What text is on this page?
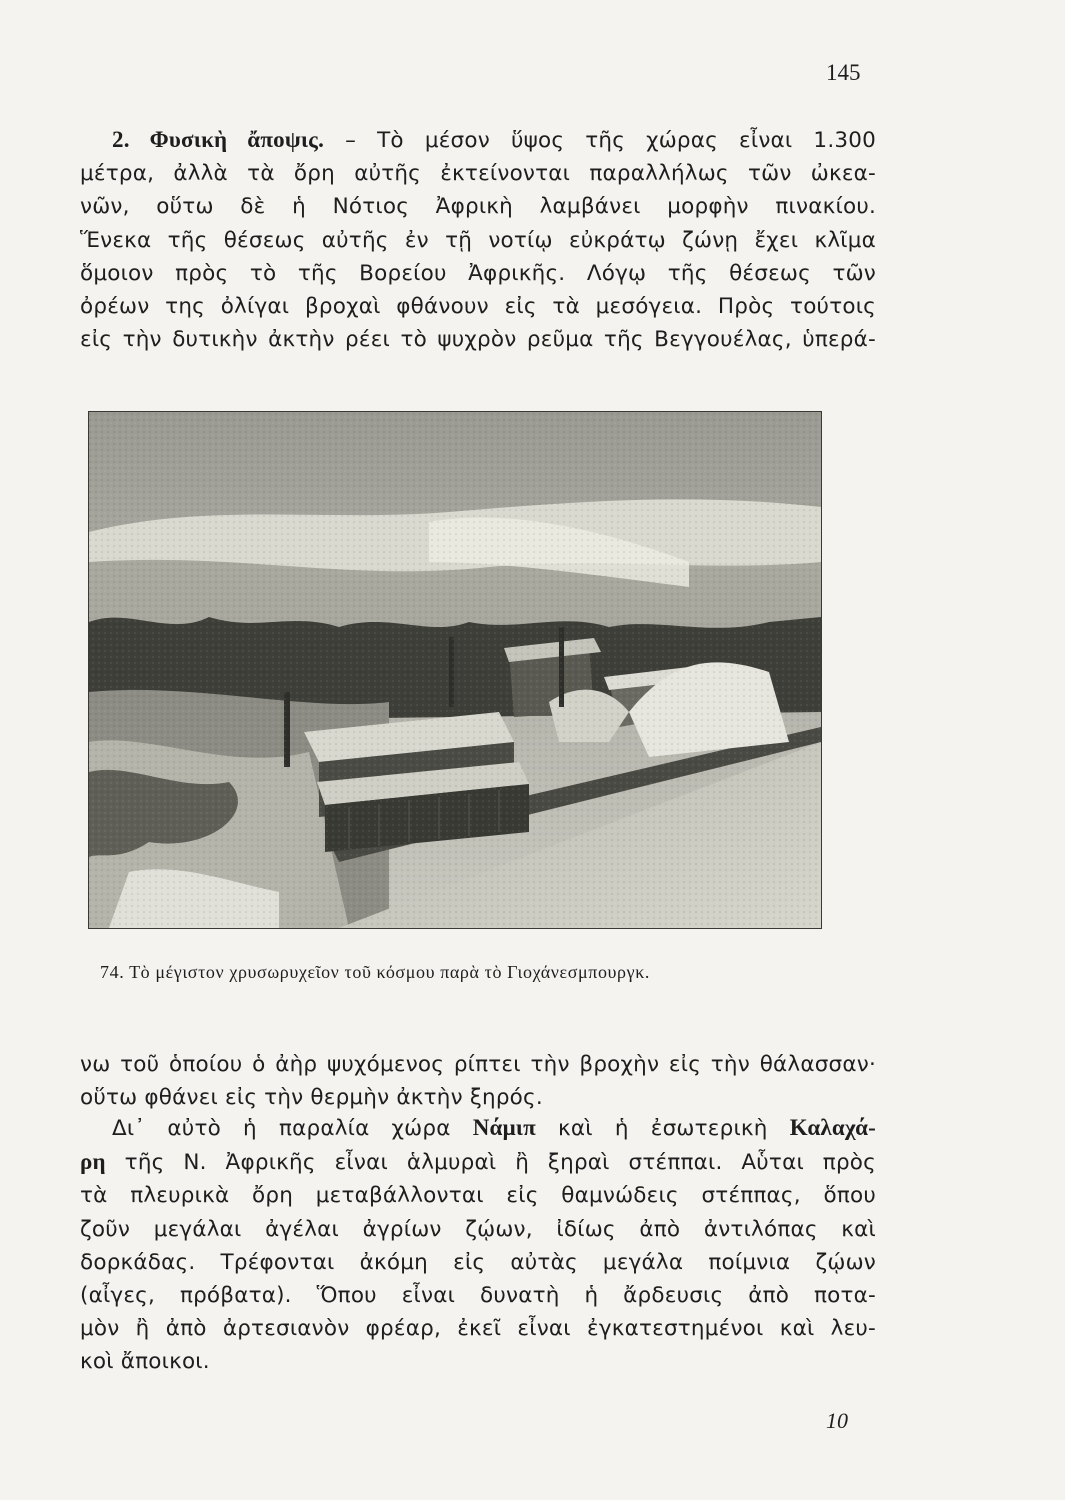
145
2. Φυσικὴ ἄποψις. – Τὸ μέσον ὕψος τῆς χώρας εἶναι 1.300
μέτρα, ἀλλὰ τὰ ὄρη αὐτῆς ἐκτείνονται παραλλήλως τῶν ὠκεα-
νῶν, οὕτω δὲ ἡ Νότιος Ἀφρικὴ λαμβάνει μορφὴν πινακίου.
Ἕνεκα τῆς θέσεως αὐτῆς ἐν τῇ νοτίῳ εὐκράτῳ ζώνῃ ἔχει κλῖμα
ὅμοιον πρὸς τὸ τῆς Βορείου Ἀφρικῆς. Λόγῳ τῆς θέσεως τῶν
ὀρέων της ὀλίγαι βροχαὶ φθάνουν εἰς τὰ μεσόγεια. Πρὸς τούτοις
εἰς τὴν δυτικὴν ἀκτὴν ρέει τὸ ψυχρὸν ρεῦμα τῆς Βεγγουέλας, ὑπερά-
74. Τὸ μέγιστον χρυσωρυχεῖον τοῦ κόσμου παρὰ τὸ Γιοχάνεσμπουργκ.
νω τοῦ ὁποίου ὁ ἀὴρ ψυχόμενος ρίπτει τὴν βροχὴν εἰς τὴν θάλασσαν·
οὕτω φθάνει εἰς τὴν θερμὴν ἀκτὴν ξηρός.
Δι᾽ αὐτὸ ἡ παραλία χώρα Νάμιπ καὶ ἡ ἐσωτερικὴ Καλαχά-
ρη τῆς Ν. Ἀφρικῆς εἶναι ἁλμυραὶ ἢ ξηραὶ στέππαι. Αὗται πρὸς
τὰ πλευρικὰ ὄρη μεταβάλλονται εἰς θαμνώδεις στέππας, ὅπου
ζοῦν μεγάλαι ἀγέλαι ἀγρίων ζῴων, ἰδίως ἀπὸ ἀντιλόπας καὶ
δορκάδας. Τρέφονται ἀκόμη εἰς αὐτὰς μεγάλα ποίμνια ζῴων
(αἶγες, πρόβατα). Ὅπου εἶναι δυνατὴ ἡ ἄρδευσις ἀπὸ ποτα-
μὸν ἢ ἀπὸ ἀρτεσιανὸν φρέαρ, ἐκεῖ εἶναι ἐγκατεστημένοι καὶ λευ-
κοὶ ἄποικοι.
10
